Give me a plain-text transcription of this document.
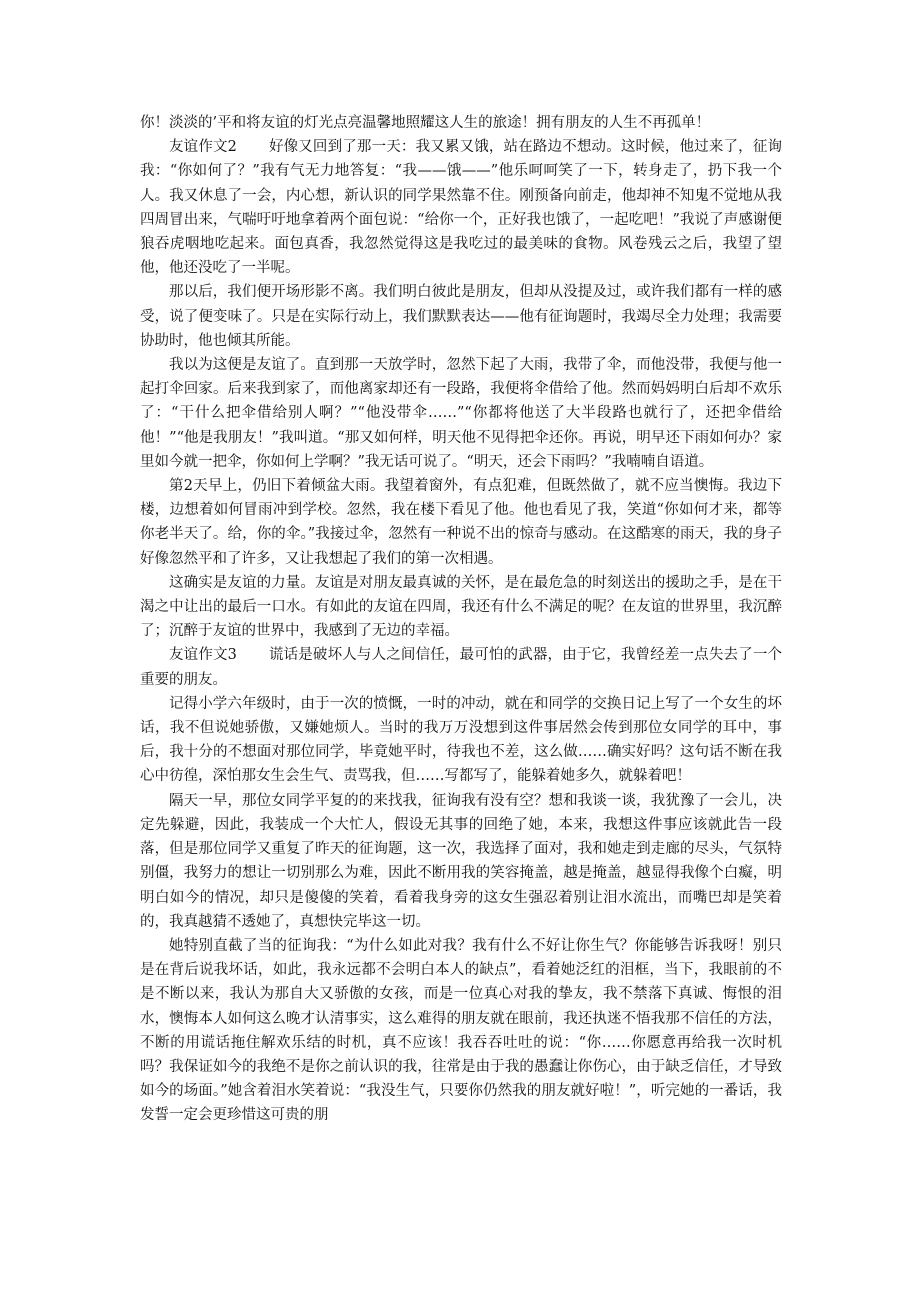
你！淡淡的’平和将友谊的灯光点亮温馨地照耀这人生的旅途！拥有朋友的人生不再孤单！

友谊作文2 好像又回到了那一天：我又累又饿，站在路边不想动。这时候，他过来了，征询我：“你如何了？”我有气无力地答复：“我——饿——”他乐呵呵笑了一下，转身走了，扔下我一个人。我又休息了一会，内心想，新认识的同学果然靠不住。刚预备向前走，他却神不知鬼不觉地从我四周冒出来，气喘吁吁地拿着两个面包说：“给你一个，正好我也饿了，一起吃吧！”我说了声感谢便狼吞虎咽地吃起来。面包真香，我忽然觉得这是我吃过的最美味的食物。风卷残云之后，我望了望他，他还没吃了一半呢。

那以后，我们便开场形影不离。我们明白彼此是朋友，但却从没提及过，或许我们都有一样的感受，说了便变味了。只是在实际行动上，我们默默表达——他有征询题时，我竭尽全力处理；我需要协助时，他也倾其所能。

我以为这便是友谊了。直到那一天放学时，忽然下起了大雨，我带了伞，而他没带，我便与他一起打伞回家。后来我到家了，而他离家却还有一段路，我便将伞借给了他。然而妈妈明白后却不欢乐了：“干什么把伞借给别人啊？”“他没带伞……”“你都将他送了大半段路也就行了，还把伞借给他！”“他是我朋友！”我叫道。“那又如何样，明天他不见得把伞还你。再说，明早还下雨如何办？家里如今就一把伞，你如何上学啊？”我无话可说了。“明天，还会下雨吗？”我喃喃自语道。

第2天早上，仍旧下着倾盆大雨。我望着窗外，有点犯难，但既然做了，就不应当懊悔。我边下楼，边想着如何冒雨冲到学校。忽然，我在楼下看见了他。他也看见了我，笑道“你如何才来，都等你老半天了。给，你的伞。”我接过伞，忽然有一种说不出的惊奇与感动。在这酷寒的雨天，我的身子好像忽然平和了许多，又让我想起了我们的第一次相遇。

这确实是友谊的力量。友谊是对朋友最真诚的关怀，是在最危急的时刻送出的援助之手，是在干渴之中让出的最后一口水。有如此的友谊在四周，我还有什么不满足的呢？在友谊的世界里，我沉醉了；沉醉于友谊的世界中，我感到了无边的幸福。

友谊作文3 谎话是破坏人与人之间信任，最可怕的武器，由于它，我曾经差一点失去了一个重要的朋友。

记得小学六年级时，由于一次的愤慨，一时的冲动，就在和同学的交换日记上写了一个女生的坏话，我不但说她骄傲，又嫌她烦人。当时的我万万没想到这件事居然会传到那位女同学的耳中，事后，我十分的不想面对那位同学，毕竟她平时，待我也不差，这么做……确实好吗？这句话不断在我心中彷徨，深怕那女生会生气、责骂我，但……写都写了，能躲着她多久，就躲着吧！

隔天一早，那位女同学平复的的来找我，征询我有没有空？想和我谈一谈，我犹豫了一会儿，决定先躲避，因此，我装成一个大忙人，假设无其事的回绝了她，本来，我想这件事应该就此告一段落，但是那位同学又重复了昨天的征询题，这一次，我选择了面对，我和她走到走廊的尽头，气氛特别僵，我努力的想让一切别那么为难，因此不断用我的笑容掩盖，越是掩盖，越显得我像个白癡，明明白如今的情况，却只是傻傻的笑着，看着我身旁的这女生强忍着别让泪水流出，而嘴巴却是笑着的，我真越猜不透她了，真想快完毕这一切。

她特别直截了当的征询我：“为什么如此对我？我有什么不好让你生气？你能够告诉我呀！别只是在背后说我坏话，如此，我永远都不会明白本人的缺点”，看着她泛红的泪框，当下，我眼前的不是不断以来，我认为那自大又骄傲的女孩，而是一位真心对我的挚友，我不禁落下真诚、悔恨的泪水，懊悔本人如何这么晚才认清事实，这么难得的朋友就在眼前，我还执迷不悟我那不信任的方法，不断的用谎话拖住解欢乐结的时机，真不应该！我吞吞吐吐的说：“你……你愿意再给我一次时机吗？我保证如今的我绝不是你之前认识的我，往常是由于我的愚蠢让你伤心，由于缺乏信任，才导致如今的场面。”她含着泪水笑着说：“我没生气，只要你仍然我的朋友就好啦！”，听完她的一番话，我发誓一定会更珍惜这可贵的朋
